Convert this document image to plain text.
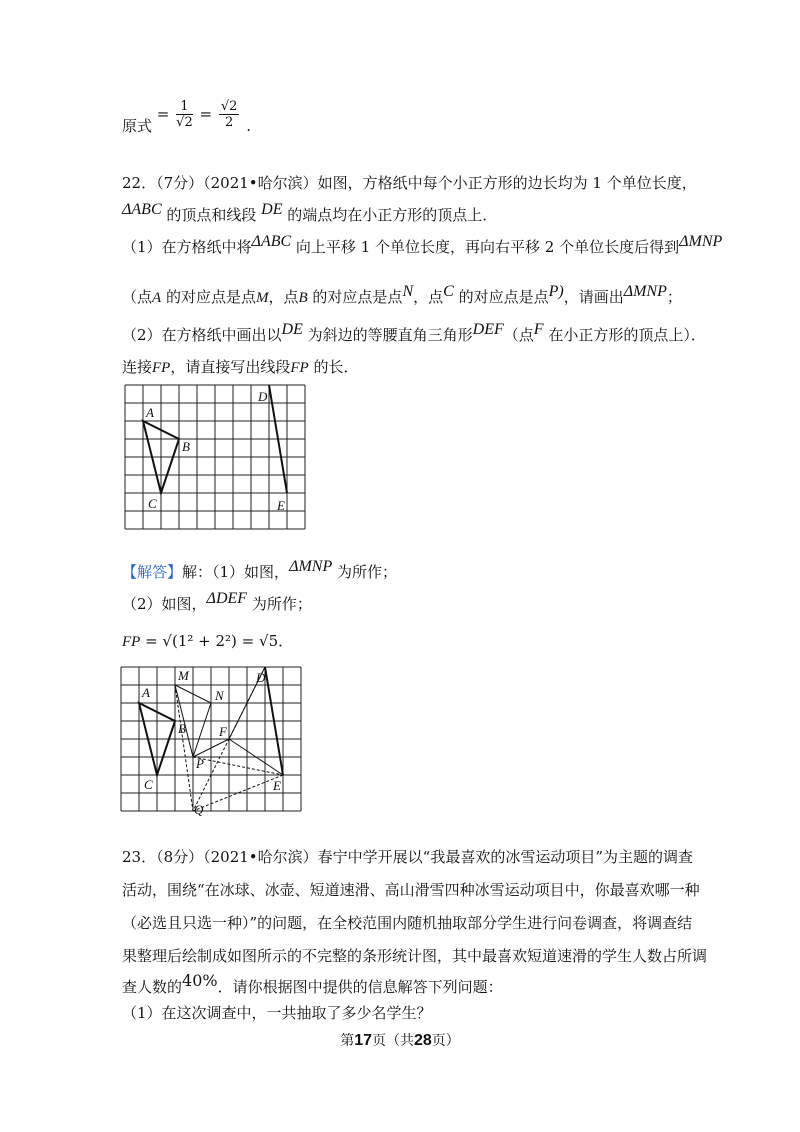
原式 = $\frac{1}{√2} = \frac{√2}{2}$ .
22．（7分）（2021•哈尔滨）如图，方格纸中每个小正方形的边长均为 1 个单位长度，
ΔABC 的顶点和线段 DE 的端点均在小正方形的顶点上．
（1）在方格纸中将ΔABC 向上平移 1 个单位长度，再向右平移 2 个单位长度后得到ΔMNP
（点A 的对应点是点M，点B 的对应点是点N，点C 的对应点是点P)，请画出ΔMNP；
（2）在方格纸中画出以DE 为斜边的等腰直角三角形DEF（点F 在小正方形的顶点上）．
连接FP，请直接写出线段FP 的长．
A
B
C
D
E
【解答】解：（1）如图，ΔMNP 为所作；
（2）如图，ΔDEF 为所作；
FP = √(1² + 2²) = √5．
A
B
C
M
N
P
F
D
E
Q
23．（8分）（2021•哈尔滨）春宁中学开展以“我最喜欢的冰雪运动项目”为主题的调查
活动，围绕“在冰球、冰壶、短道速滑、高山滑雪四种冰雪运动项目中，你最喜欢哪一种
（必选且只选一种）”的问题，在全校范围内随机抽取部分学生进行问卷调查，将调查结
果整理后绘制成如图所示的不完整的条形统计图，其中最喜欢短道速滑的学生人数占所调
查人数的40%．请你根据图中提供的信息解答下列问题：
（1）在这次调查中，一共抽取了多少名学生？
第17页（共28页）
